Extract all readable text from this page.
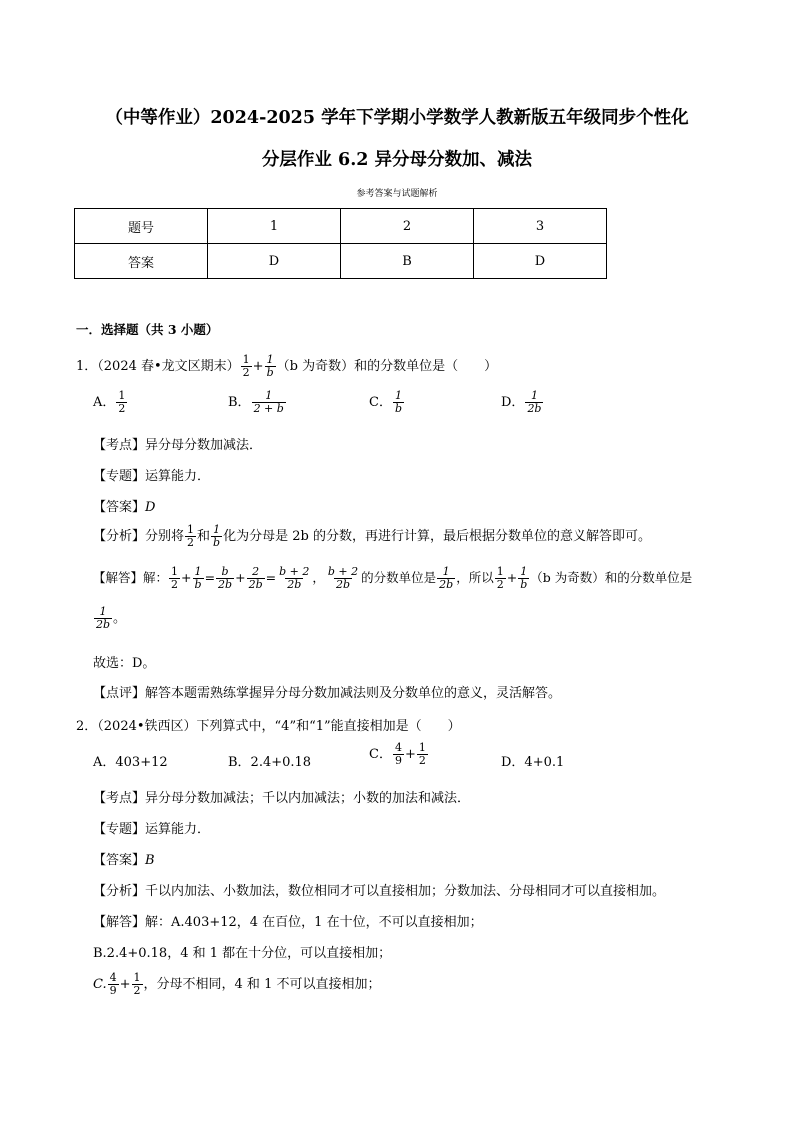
（中等作业）2024-2025 学年下学期小学数学人教新版五年级同步个性化
分层作业 6.2 异分母分数加、减法
参考答案与试题解析
题号	1	2	3
答案	D	B	D
一．选择题（共 3 小题）
1．（2024 春•龙文区期末） $\frac{1}{2} + \frac{1}{b} (b$ 为奇数）和的分数单位是（　　）
A． $\frac{1}{2}$	B． $\frac{1}{2 + b}$	C． $\frac{1}{b}$	D． $\frac{1}{2b}$
【考点】异分母分数加减法．
【专题】运算能力．
【答案】D
【分析】分别将 $\frac{1}{2}$ 和 $\frac{1}{b}$ 化为分母是 2b 的分数，再进行计算，最后根据分数单位的意义解答即可。
【解答】解： $\frac{1}{2} + \frac{1}{b} = \frac{b}{2b} + \frac{2}{2b} = \frac{b + 2}{2b}$ ， $\frac{b + 2}{2b}$ 的分数单位是 $\frac{1}{2b}$ ，所以 $\frac{1}{2} + \frac{1}{b} (b$ 为奇数）和的分数单位是
$\frac{1}{2b}$ 。
故选：D。
【点评】解答本题需熟练掌握异分母分数加减法则及分数单位的意义，灵活解答。
2．（2024•铁西区）下列算式中，“4”和“1”能直接相加是（　　）
A．403+12	B．2.4+0.18
C． $\frac{4}{9} + \frac{1}{2}$	D．4+0.1
【考点】异分母分数加减法；千以内加减法；小数的加法和减法．
【专题】运算能力．
【答案】B
【分析】千以内加法、小数加法，数位相同才可以直接相加；分数加法、分母相同才可以直接相加。
【解答】解：A.403+12，4 在百位，1 在十位，不可以直接相加；
B.2.4+0.18，4 和 1 都在十分位，可以直接相加；
C. $\frac{4}{9} + \frac{1}{2}$ ，分母不相同，4 和 1 不可以直接相加；
